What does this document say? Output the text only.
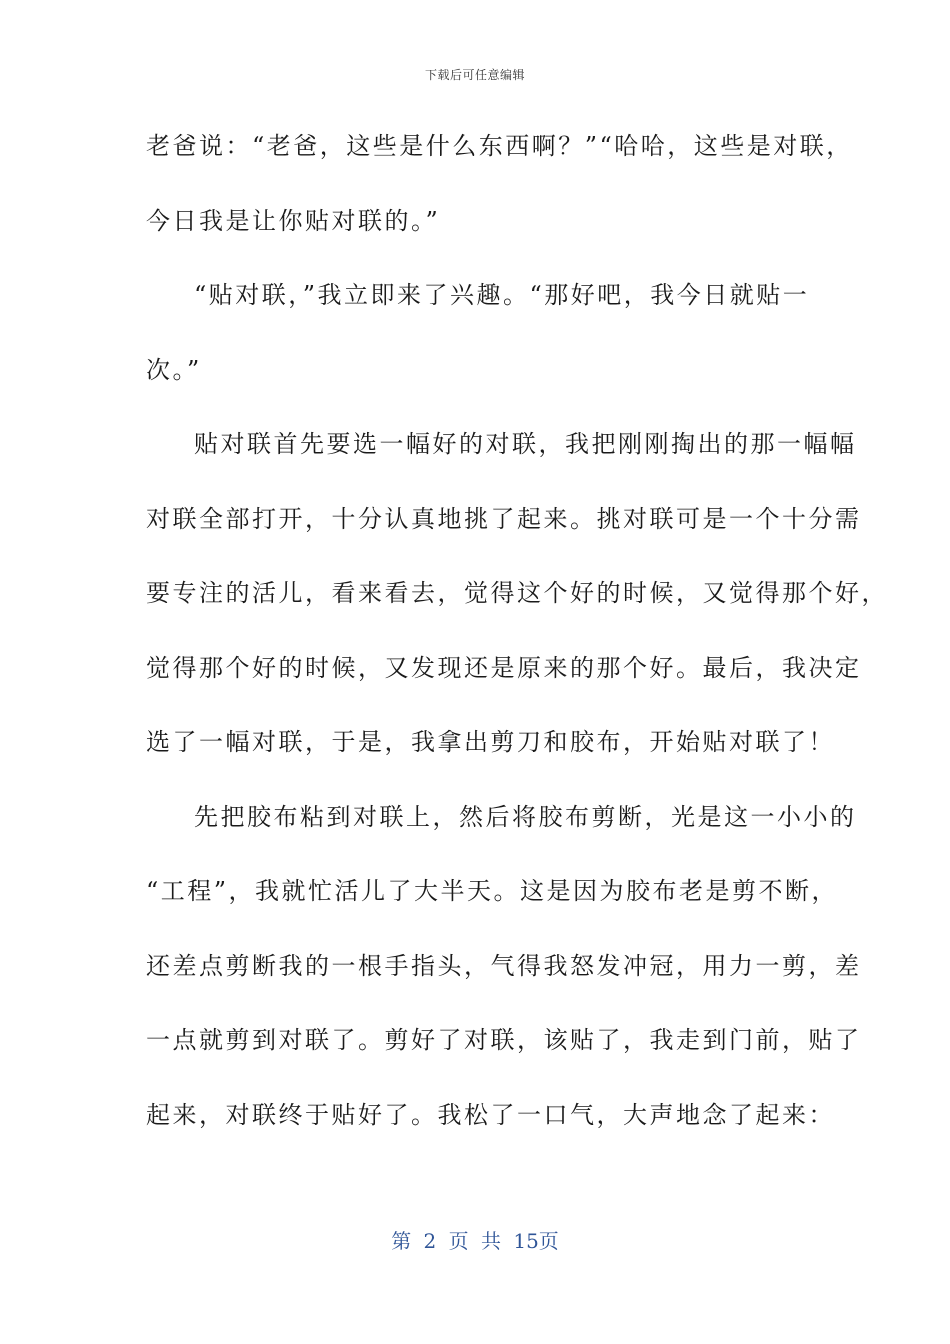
下载后可任意编辑
老爸说：“老爸，这些是什么东西啊？”“哈哈，这些是对联，
今日我是让你贴对联的。”
“贴对联，”我立即来了兴趣。“那好吧，我今日就贴一
次。”
贴对联首先要选一幅好的对联，我把刚刚掏出的那一幅幅
对联全部打开，十分认真地挑了起来。挑对联可是一个十分需
要专注的活儿，看来看去，觉得这个好的时候，又觉得那个好，
觉得那个好的时候，又发现还是原来的那个好。最后，我决定
选了一幅对联，于是，我拿出剪刀和胶布，开始贴对联了！
先把胶布粘到对联上，然后将胶布剪断，光是这一小小的
“工程”，我就忙活儿了大半天。这是因为胶布老是剪不断，
还差点剪断我的一根手指头，气得我怒发冲冠，用力一剪，差
一点就剪到对联了。剪好了对联，该贴了，我走到门前，贴了
起来，对联终于贴好了。我松了一口气，大声地念了起来：
第 2 页 共 15页
